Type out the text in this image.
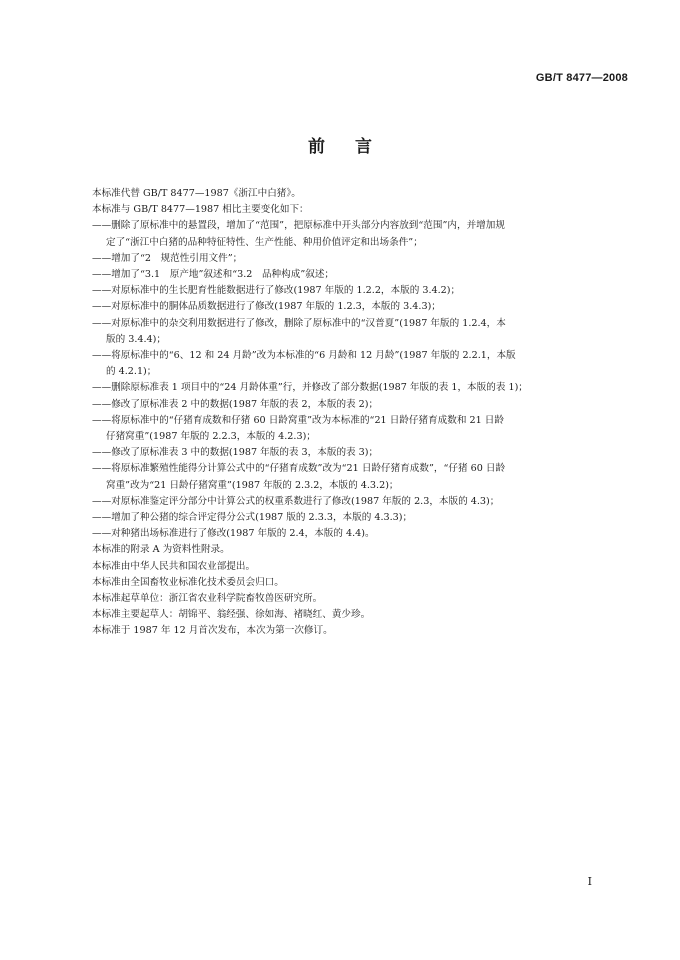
GB/T 8477—2008
前言
本标准代替 GB/T 8477—1987《浙江中白猪》。
本标准与 GB/T 8477—1987 相比主要变化如下：
——删除了原标准中的悬置段，增加了“范围”，把原标准中开头部分内容放到“范围”内，并增加规
定了“浙江中白猪的品种特征特性、生产性能、种用价值评定和出场条件”；
——增加了“2　规范性引用文件”；
——增加了“3.1　原产地”叙述和“3.2　品种构成”叙述；
——对原标准中的生长肥育性能数据进行了修改(1987 年版的 1.2.2，本版的 3.4.2)；
——对原标准中的胴体品质数据进行了修改(1987 年版的 1.2.3，本版的 3.4.3)；
——对原标准中的杂交利用数据进行了修改，删除了原标准中的“汉普夏”(1987 年版的 1.2.4，本
版的 3.4.4)；
——将原标准中的“6、12 和 24 月龄”改为本标准的“6 月龄和 12 月龄”(1987 年版的 2.2.1，本版
的 4.2.1)；
——删除原标准表 1 项目中的“24 月龄体重”行，并修改了部分数据(1987 年版的表 1，本版的表 1)；
——修改了原标准表 2 中的数据(1987 年版的表 2，本版的表 2)；
——将原标准中的“仔猪育成数和仔猪 60 日龄窝重”改为本标准的“21 日龄仔猪育成数和 21 日龄
仔猪窝重”(1987 年版的 2.2.3，本版的 4.2.3)；
——修改了原标准表 3 中的数据(1987 年版的表 3，本版的表 3)；
——将原标准繁殖性能得分计算公式中的“仔猪育成数”改为“21 日龄仔猪育成数”，“仔猪 60 日龄
窝重”改为“21 日龄仔猪窝重”(1987 年版的 2.3.2，本版的 4.3.2)；
——对原标准鉴定评分部分中计算公式的权重系数进行了修改(1987 年版的 2.3，本版的 4.3)；
——增加了种公猪的综合评定得分公式(1987 版的 2.3.3，本版的 4.3.3)；
——对种猪出场标准进行了修改(1987 年版的 2.4，本版的 4.4)。
本标准的附录 A 为资料性附录。
本标准由中华人民共和国农业部提出。
本标准由全国畜牧业标准化技术委员会归口。
本标准起草单位：浙江省农业科学院畜牧兽医研究所。
本标准主要起草人：胡锦平、翁经强、徐如海、褚晓红、黄少珍。
本标准于 1987 年 12 月首次发布，本次为第一次修订。
I
